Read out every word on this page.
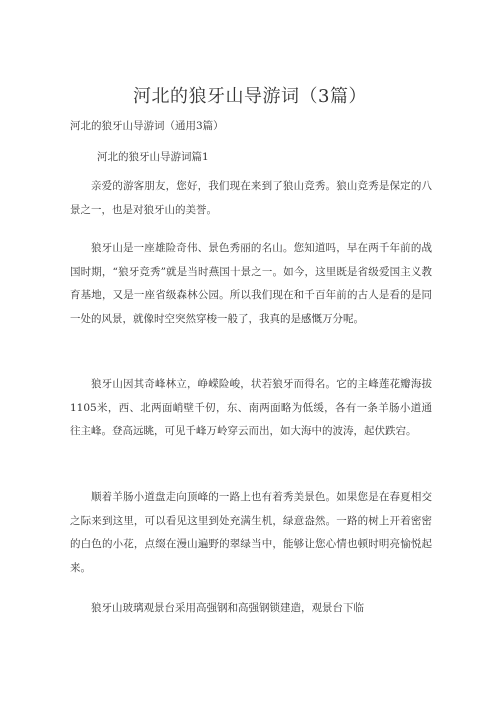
河北的狼牙山导游词（3篇）
河北的狼牙山导游词（通用3篇）
河北的狼牙山导游词篇1

亲爱的游客朋友，您好，我们现在来到了狼山竞秀。狼山竞秀是保定的八景之一，也是对狼牙山的美誉。

狼牙山是一座雄险奇伟、景色秀丽的名山。您知道吗，早在两千年前的战国时期，“狼牙竞秀”就是当时燕国十景之一。如今，这里既是省级爱国主义教育基地，又是一座省级森林公园。所以我们现在和千百年前的古人是看的是同一处的风景，就像时空突然穿梭一般了，我真的是感慨万分呢。

狼牙山因其奇峰林立，峥嵘险峻，状若狼牙而得名。它的主峰莲花瓣海拔1105米，西、北两面峭壁千仞，东、南两面略为低缓，各有一条羊肠小道通往主峰。登高远眺，可见千峰万岭穿云而出，如大海中的波涛，起伏跌宕。

顺着羊肠小道盘走向顶峰的一路上也有着秀美景色。如果您是在春夏相交之际来到这里，可以看见这里到处充满生机，绿意盎然。一路的树上开着密密的白色的小花，点缀在漫山遍野的翠绿当中，能够让您心情也顿时明亮愉悦起来。

狼牙山玻璃观景台采用高强钢和高强钢锁建造，观景台下临
